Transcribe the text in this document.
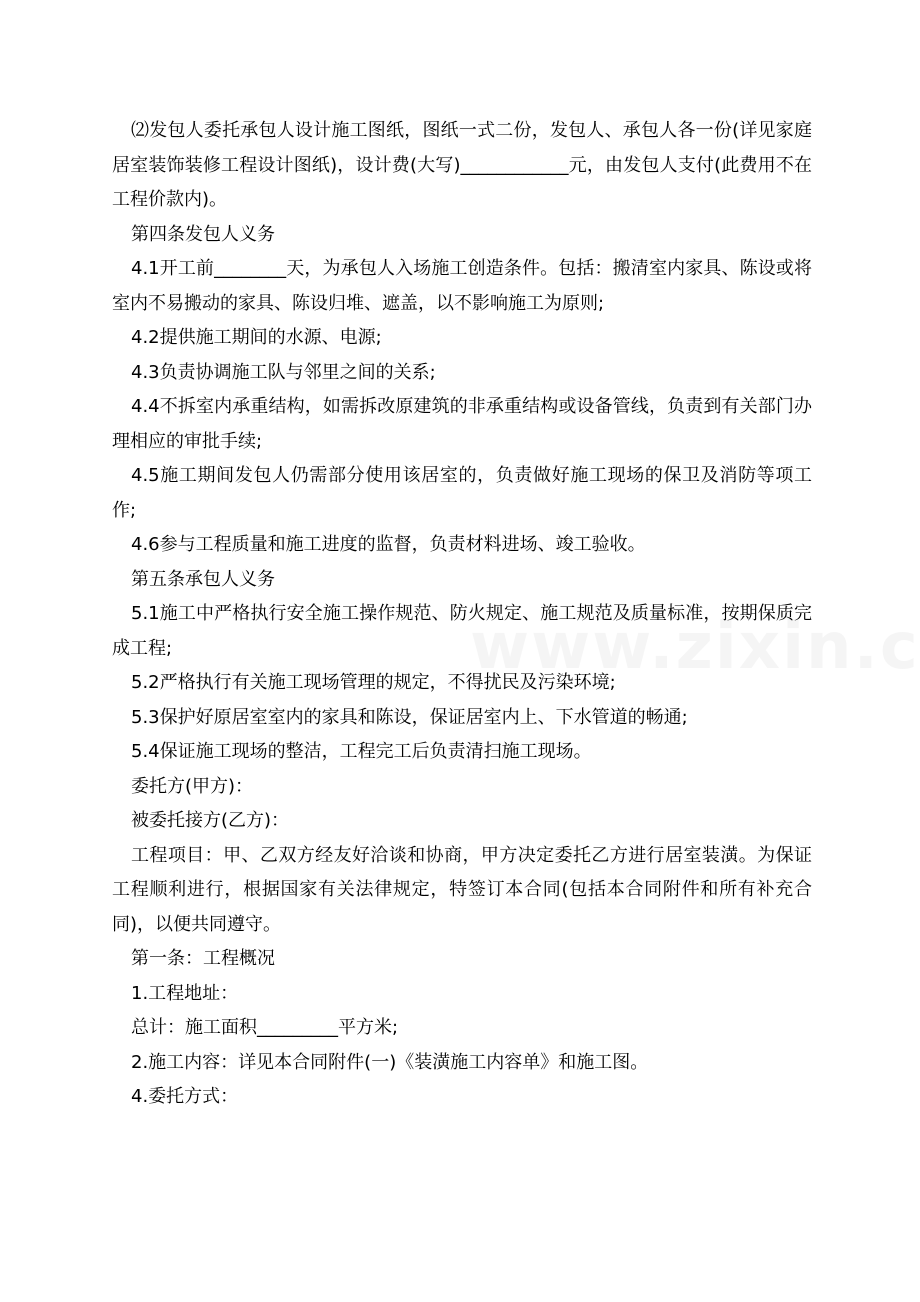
⑵发包人委托承包人设计施工图纸，图纸一式二份，发包人、承包人各一份(详见家庭居室装饰装修工程设计图纸)，设计费(大写)____________元，由发包人支付(此费用不在工程价款内)。

第四条发包人义务

4.1开工前________天，为承包人入场施工创造条件。包括：搬清室内家具、陈设或将室内不易搬动的家具、陈设归堆、遮盖，以不影响施工为原则;

4.2提供施工期间的水源、电源;

4.3负责协调施工队与邻里之间的关系;

4.4不拆室内承重结构，如需拆改原建筑的非承重结构或设备管线，负责到有关部门办理相应的审批手续;

4.5施工期间发包人仍需部分使用该居室的，负责做好施工现场的保卫及消防等项工作;

4.6参与工程质量和施工进度的监督，负责材料进场、竣工验收。

第五条承包人义务

5.1施工中严格执行安全施工操作规范、防火规定、施工规范及质量标准，按期保质完成工程;

5.2严格执行有关施工现场管理的规定，不得扰民及污染环境;

5.3保护好原居室室内的家具和陈设，保证居室内上、下水管道的畅通;

5.4保证施工现场的整洁，工程完工后负责清扫施工现场。

委托方(甲方)：

被委托接方(乙方)：

工程项目：甲、乙双方经友好洽谈和协商，甲方决定委托乙方进行居室装潢。为保证工程顺利进行，根据国家有关法律规定，特签订本合同(包括本合同附件和所有补充合同)，以便共同遵守。

第一条：工程概况

1.工程地址：

总计：施工面积_________平方米;

2.施工内容：详见本合同附件(一)《装潢施工内容单》和施工图。

4.委托方式：
